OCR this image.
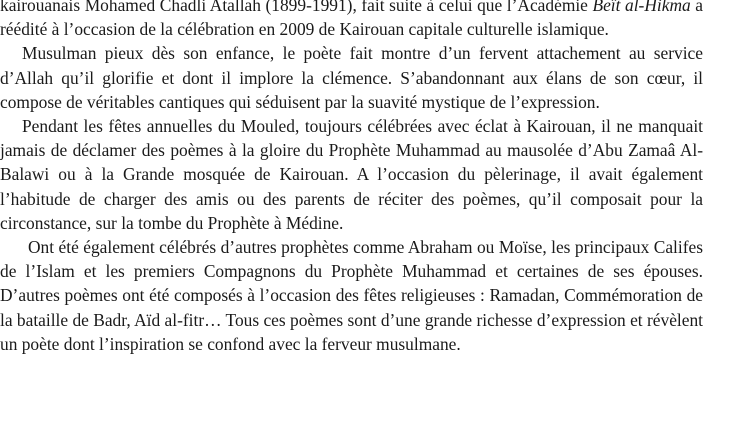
kairouanais Mohamed Chadli Atallah (1899-1991), fait suite à celui que l’Académie Beït al-Hikma a réédité à l’occasion de la célébration en 2009 de Kairouan capitale culturelle islamique.

Musulman pieux dès son enfance, le poète fait montre d’un fervent attachement au service d’Allah qu’il glorifie et dont il implore la clémence. S’abandonnant aux élans de son cœur, il compose de véritables cantiques qui séduisent par la suavité mystique de l’expression.

Pendant les fêtes annuelles du Mouled, toujours célébrées avec éclat à Kairouan, il ne manquait jamais de déclamer des poèmes à la gloire du Prophète Muhammad au mausolée d’Abu Zamaâ Al-Balawi ou à la Grande mosquée de Kairouan. A l’occasion du pèlerinage, il avait également l’habitude de charger des amis ou des parents de réciter des poèmes, qu’il composait pour la circonstance, sur la tombe du Prophète à Médine.

Ont été également célébrés d’autres prophètes comme Abraham ou Moïse, les principaux Califes de l’Islam et les premiers Compagnons du Prophète Muhammad et certaines de ses épouses. D’autres poèmes ont été composés à l’occasion des fêtes religieuses : Ramadan, Commémoration de la bataille de Badr, Aïd al-fitr… Tous ces poèmes sont d’une grande richesse d’expression et révèlent un poète dont l’inspiration se confond avec la ferveur musulmane.
